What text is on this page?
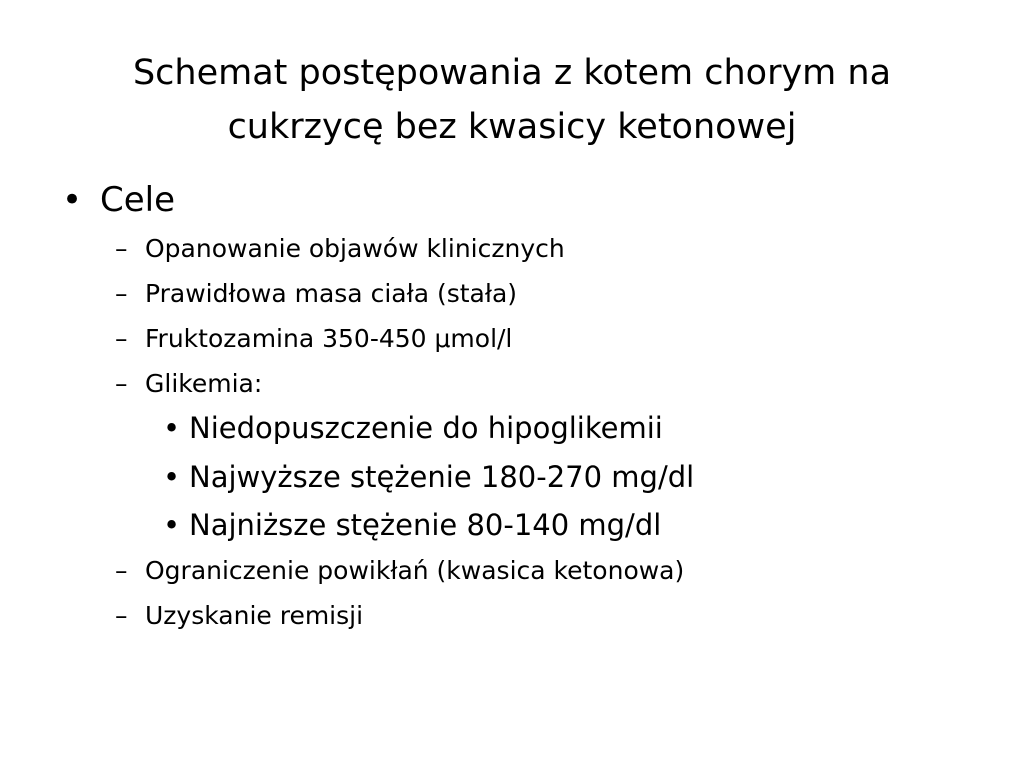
Schemat postępowania z kotem chorym na
cukrzycę bez kwasicy ketonowej
• Cele
– Opanowanie objawów klinicznych
– Prawidłowa masa ciała (stała)
– Fruktozamina 350-450 μmol/l
– Glikemia:
• Niedopuszczenie do hipoglikemii
• Najwyższe stężenie 180-270 mg/dl
• Najniższe stężenie 80-140 mg/dl
– Ograniczenie powikłań (kwasica ketonowa)
– Uzyskanie remisji
